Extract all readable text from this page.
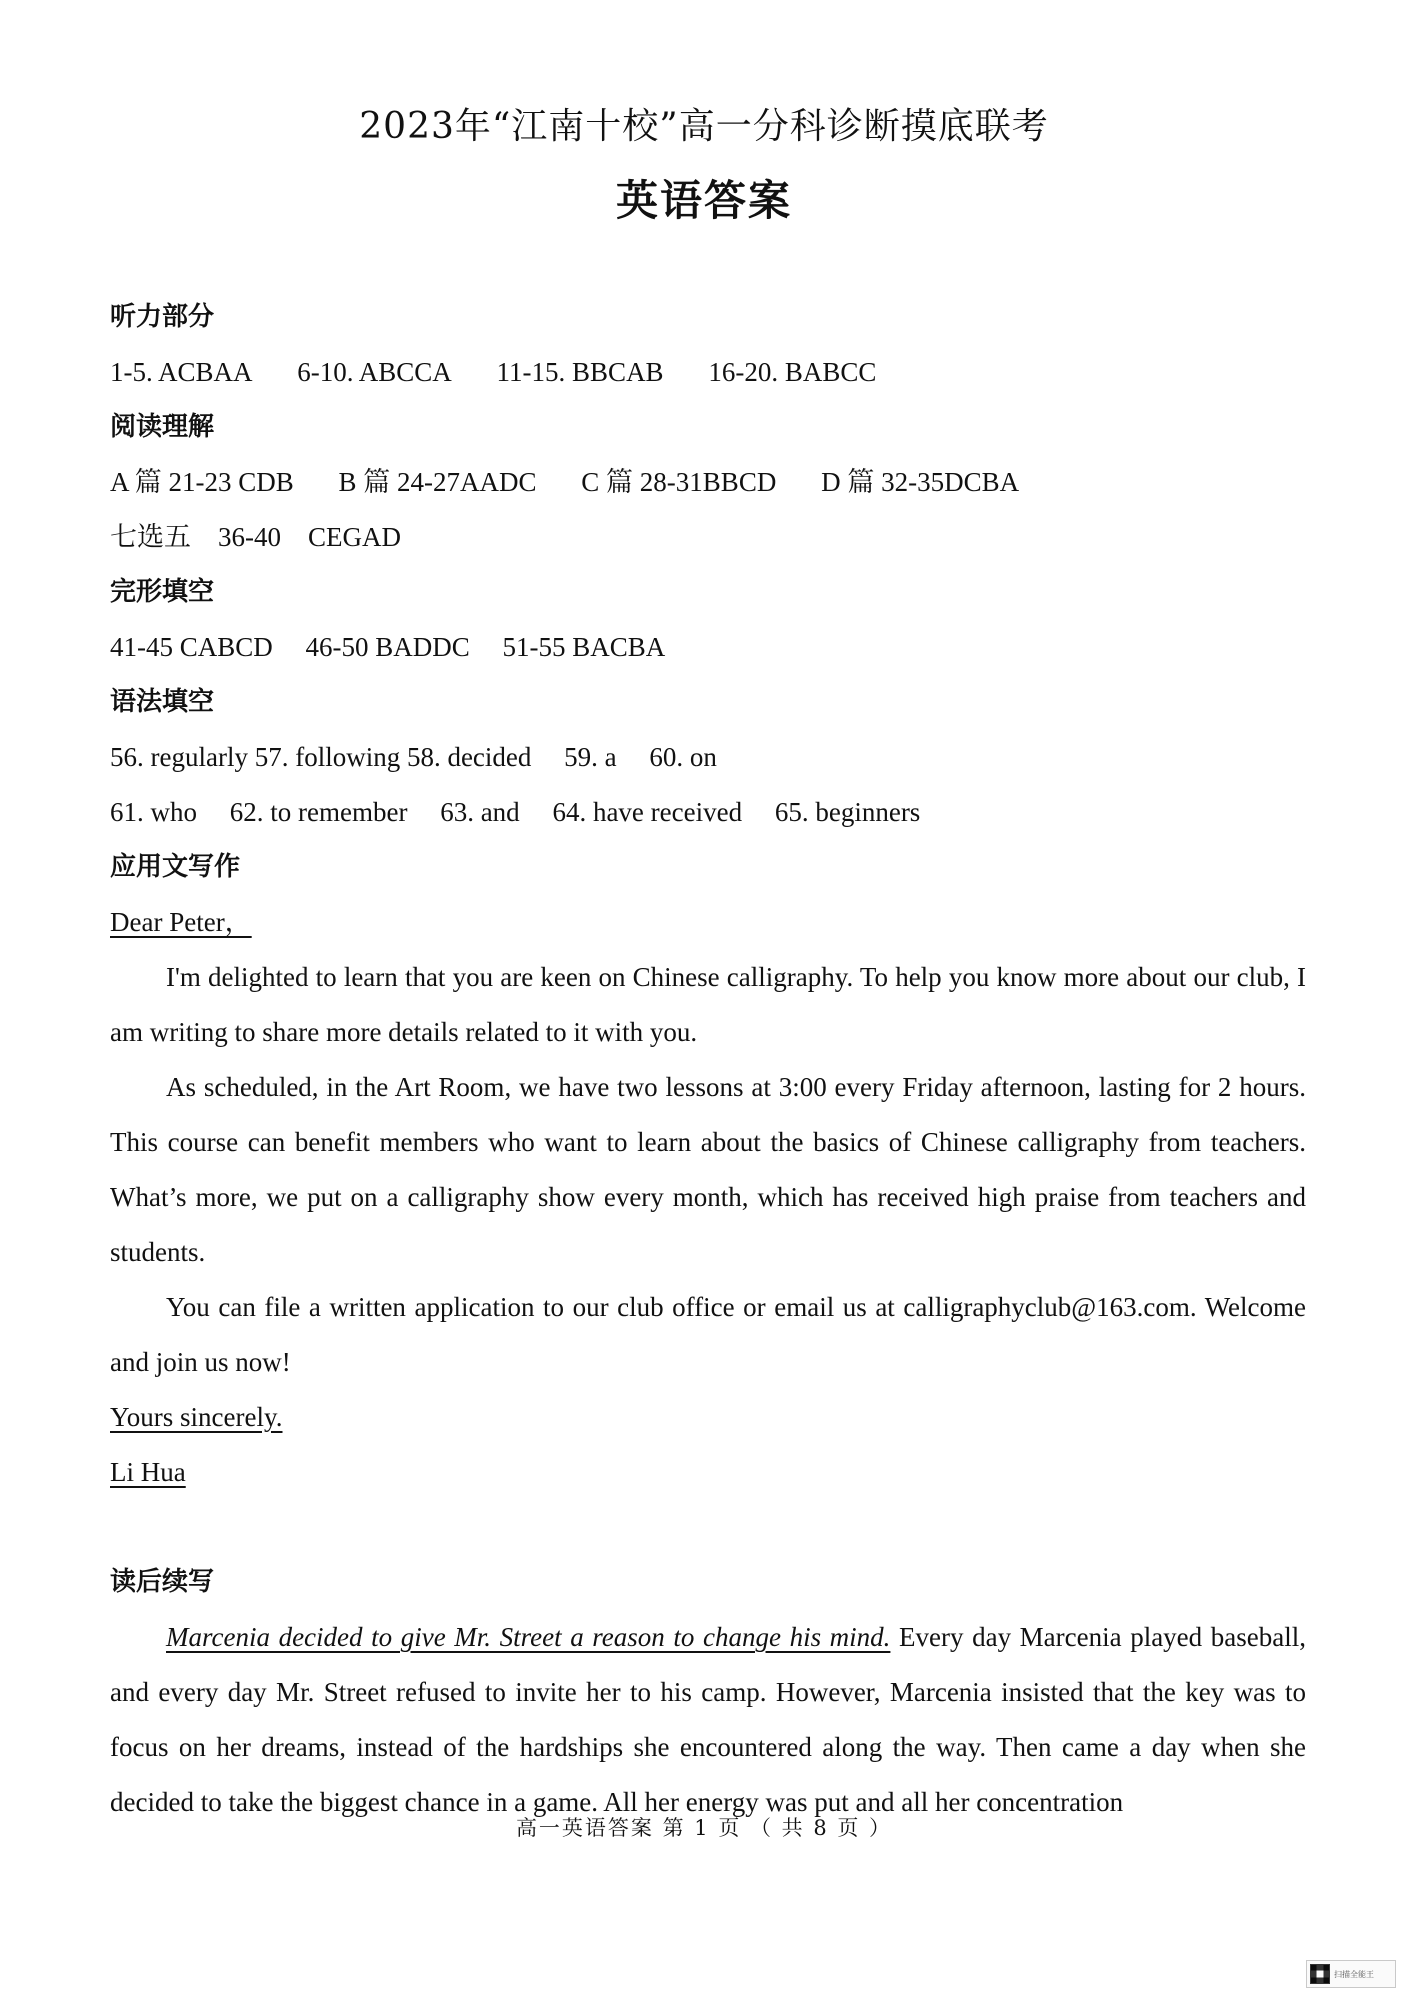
2023年“江南十校”高一分科诊断摸底联考
英语答案
听力部分
1-5. ACBAA 6-10. ABCCA 11-15. BBCAB 16-20. BABCC
阅读理解
A 篇 21-23 CDB B 篇 24-27AADC C 篇 28-31BBCD D 篇 32-35DCBA
七选五　36-40　CEGAD
完形填空
41-45 CABCD 46-50 BADDC 51-55 BACBA
语法填空
56. regularly 57. following 58. decided 59. a 60. on
61. who 62. to remember 63. and 64. have received 65. beginners
应用文写作
Dear Peter，

I'm delighted to learn that you are keen on Chinese calligraphy. To help you know more about our club, I am writing to share more details related to it with you.

As scheduled, in the Art Room, we have two lessons at 3:00 every Friday afternoon, lasting for 2 hours. This course can benefit members who want to learn about the basics of Chinese calligraphy from teachers. What’s more, we put on a calligraphy show every month, which has received high praise from teachers and students.

You can file a written application to our club office or email us at calligraphyclub@163.com. Welcome and join us now!

Yours sincerely.
Li Hua
读后续写

Marcenia decided to give Mr. Street a reason to change his mind. Every day Marcenia played baseball, and every day Mr. Street refused to invite her to his camp. However, Marcenia insisted that the key was to focus on her dreams, instead of the hardships she encountered along the way. Then came a day when she decided to take the biggest chance in a game. All her energy was put and all her concentration

高一英语答案 第 1 页 （ 共 8 页 ）
扫描全能王
